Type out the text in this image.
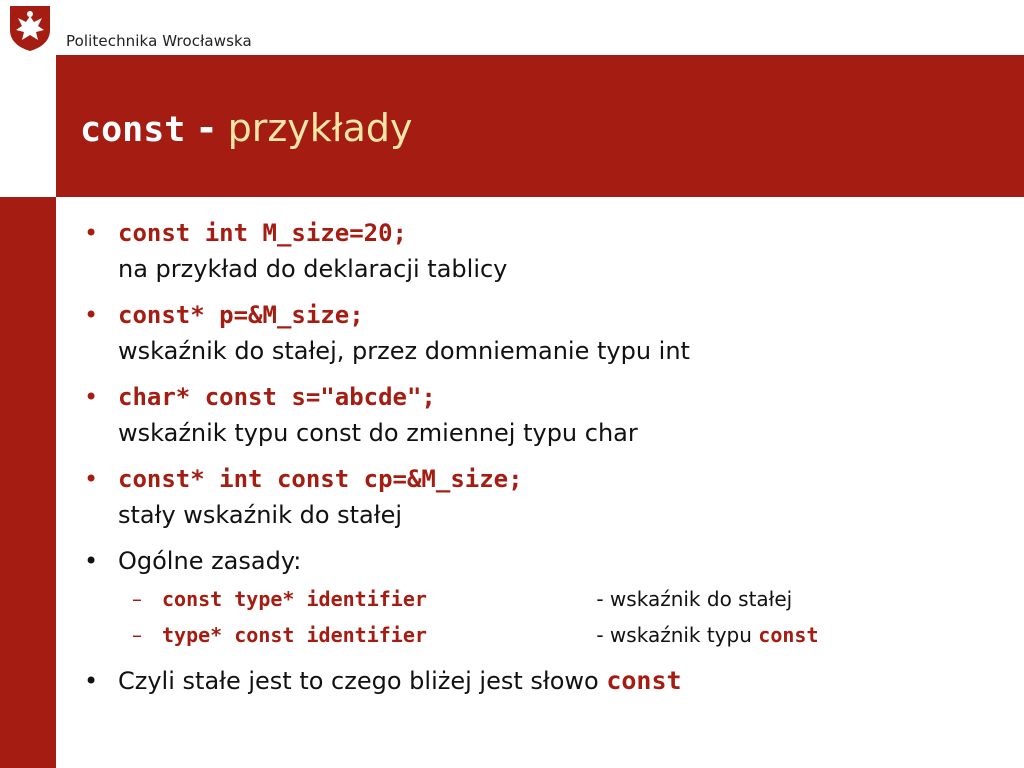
Politechnika Wrocławska
const - przykłady
• const int M_size=20;
na przykład do deklaracji tablicy
• const* p=&M_size;
wskaźnik do stałej, przez domniemanie typu int
• char* const s="abcde";
wskaźnik typu const do zmiennej typu char
• const* int const cp=&M_size;
stały wskaźnik do stałej
• Ogólne zasady:
– const type* identifier	- wskaźnik do stałej
– type* const identifier	- wskaźnik typu const
• Czyli stałe jest to czego bliżej jest słowo const
